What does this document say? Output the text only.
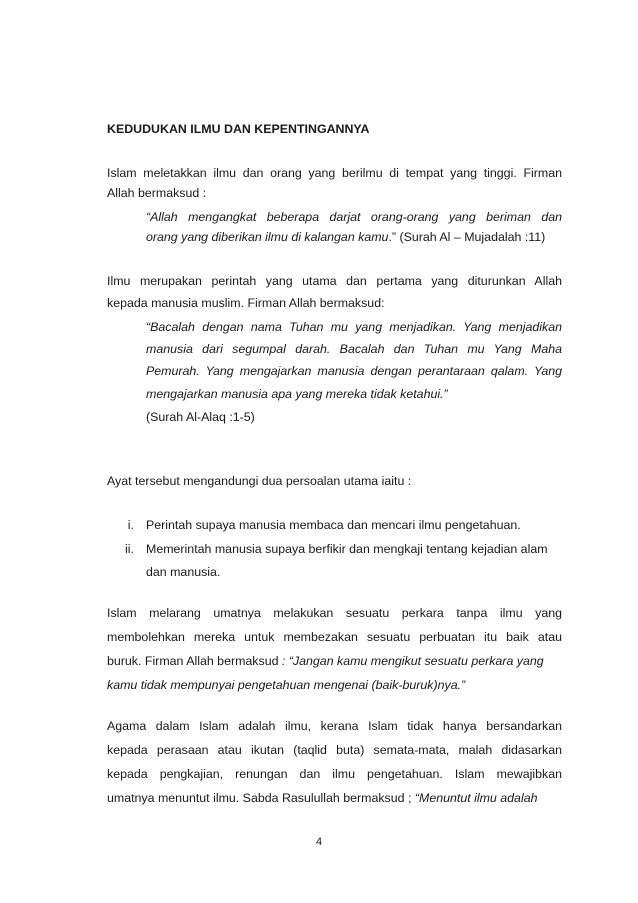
KEDUDUKAN ILMU DAN KEPENTINGANNYA
Islam meletakkan ilmu dan orang yang berilmu di tempat yang tinggi. Firman
Allah bermaksud :
“Allah mengangkat beberapa darjat orang-orang yang beriman dan
orang yang diberikan ilmu di kalangan kamu.” (Surah Al – Mujadalah :11)
Ilmu merupakan perintah yang utama dan pertama yang diturunkan Allah
kepada manusia muslim. Firman Allah bermaksud:
“Bacalah dengan nama Tuhan mu yang menjadikan. Yang menjadikan
manusia dari segumpal darah. Bacalah dan Tuhan mu Yang Maha
Pemurah. Yang mengajarkan manusia dengan perantaraan qalam. Yang
mengajarkan manusia apa yang mereka tidak ketahui.”
(Surah Al-Alaq :1-5)
Ayat tersebut mengandungi dua persoalan utama iaitu :
i. Perintah supaya manusia membaca dan mencari ilmu pengetahuan.
ii. Memerintah manusia supaya berfikir dan mengkaji tentang kejadian alam
dan manusia.
Islam melarang umatnya melakukan sesuatu perkara tanpa ilmu yang
membolehkan mereka untuk membezakan sesuatu perbuatan itu baik atau
buruk. Firman Allah bermaksud : “Jangan kamu mengikut sesuatu perkara yang
kamu tidak mempunyai pengetahuan mengenai (baik-buruk)nya.”
Agama dalam Islam adalah ilmu, kerana Islam tidak hanya bersandarkan
kepada perasaan atau ikutan (taqlid buta) semata-mata, malah didasarkan
kepada pengkajian, renungan dan ilmu pengetahuan. Islam mewajibkan
umatnya menuntut ilmu. Sabda Rasulullah bermaksud ; “Menuntut ilmu adalah
4
